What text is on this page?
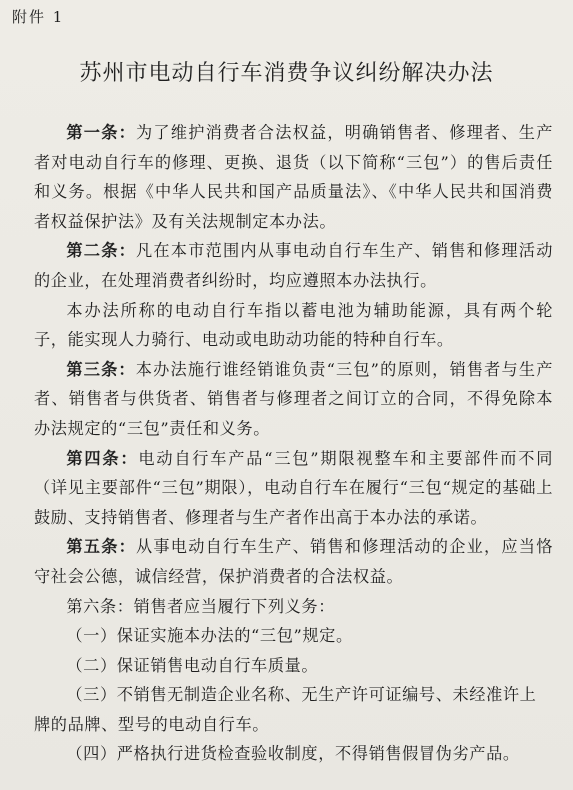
附件 1
苏州市电动自行车消费争议纠纷解决办法

第一条：为了维护消费者合法权益，明确销售者、修理者、生产者对电动自行车的修理、更换、退货（以下简称“三包”）的售后责任和义务。根据《中华人民共和国产品质量法》、《中华人民共和国消费者权益保护法》及有关法规制定本办法。

第二条：凡在本市范围内从事电动自行车生产、销售和修理活动的企业，在处理消费者纠纷时，均应遵照本办法执行。

本办法所称的电动自行车指以蓄电池为辅助能源，具有两个轮子，能实现人力骑行、电动或电助动功能的特种自行车。

第三条：本办法施行谁经销谁负责“三包”的原则，销售者与生产者、销售者与供货者、销售者与修理者之间订立的合同，不得免除本办法规定的“三包”责任和义务。

第四条：电动自行车产品“三包”期限视整车和主要部件而不同（详见主要部件“三包”期限），电动自行车在履行“三包“规定的基础上鼓励、支持销售者、修理者与生产者作出高于本办法的承诺。

第五条：从事电动自行车生产、销售和修理活动的企业，应当恪守社会公德，诚信经营，保护消费者的合法权益。

第六条：销售者应当履行下列义务：

（一）保证实施本办法的“三包”规定。

（二）保证销售电动自行车质量。

（三）不销售无制造企业名称、无生产许可证编号、未经准许上牌的品牌、型号的电动自行车。

（四）严格执行进货检查验收制度，不得销售假冒伪劣产品。
